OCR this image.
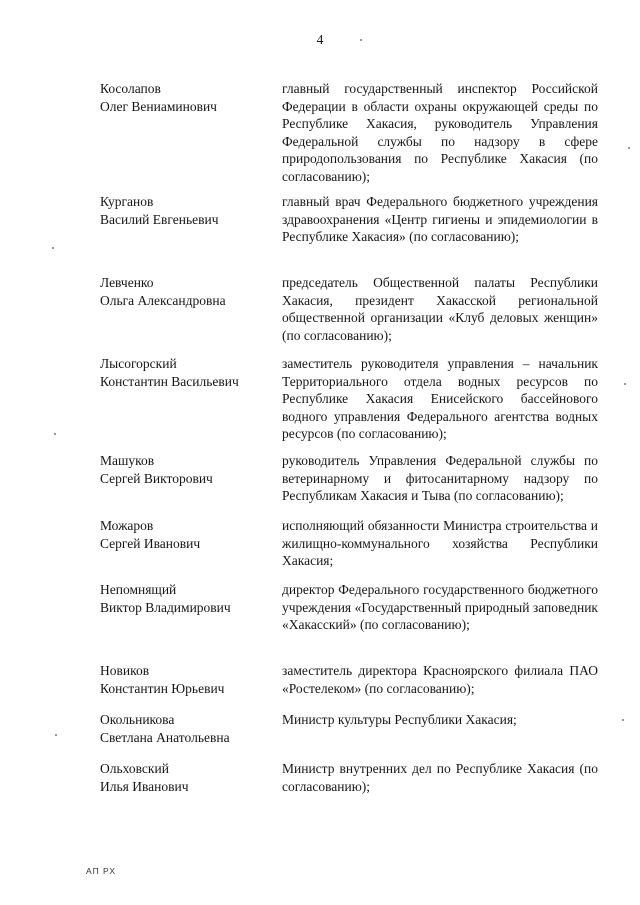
4
Косолапов
Олег Вениаминович
главный государственный инспектор Российской Федерации в области охраны окружающей среды по Республике Хакасия, руководитель Управления Федеральной службы по надзору в сфере природопользования по Республике Хакасия (по согласованию);
Курганов
Василий Евгеньевич
главный врач Федерального бюджетного учреждения здравоохранения «Центр гигиены и эпидемиологии в Республике Хакасия» (по согласованию);
Левченко
Ольга Александровна
председатель Общественной палаты Республики Хакасия, президент Хакасской региональной общественной организации «Клуб деловых женщин» (по согласованию);
Лысогорский
Константин Васильевич
заместитель руководителя управления – начальник Территориального отдела водных ресурсов по Республике Хакасия Енисейского бассейнового водного управления Федерального агентства водных ресурсов (по согласованию);
Машуков
Сергей Викторович
руководитель Управления Федеральной службы по ветеринарному и фитосанитарному надзору по Республикам Хакасия и Тыва (по согласованию);
Можаров
Сергей Иванович
исполняющий обязанности Министра строительства и жилищно-коммунального хозяйства Республики Хакасия;
Непомнящий
Виктор Владимирович
директор Федерального государственного бюджетного учреждения «Государственный природный заповедник «Хакасский» (по согласованию);
Новиков
Константин Юрьевич
заместитель директора Красноярского филиала ПАО «Ростелеком» (по согласованию);
Окольникова
Светлана Анатольевна
Министр культуры Республики Хакасия;
Ольховский
Илья Иванович
Министр внутренних дел по Республике Хакасия (по согласованию);
АП РХ
